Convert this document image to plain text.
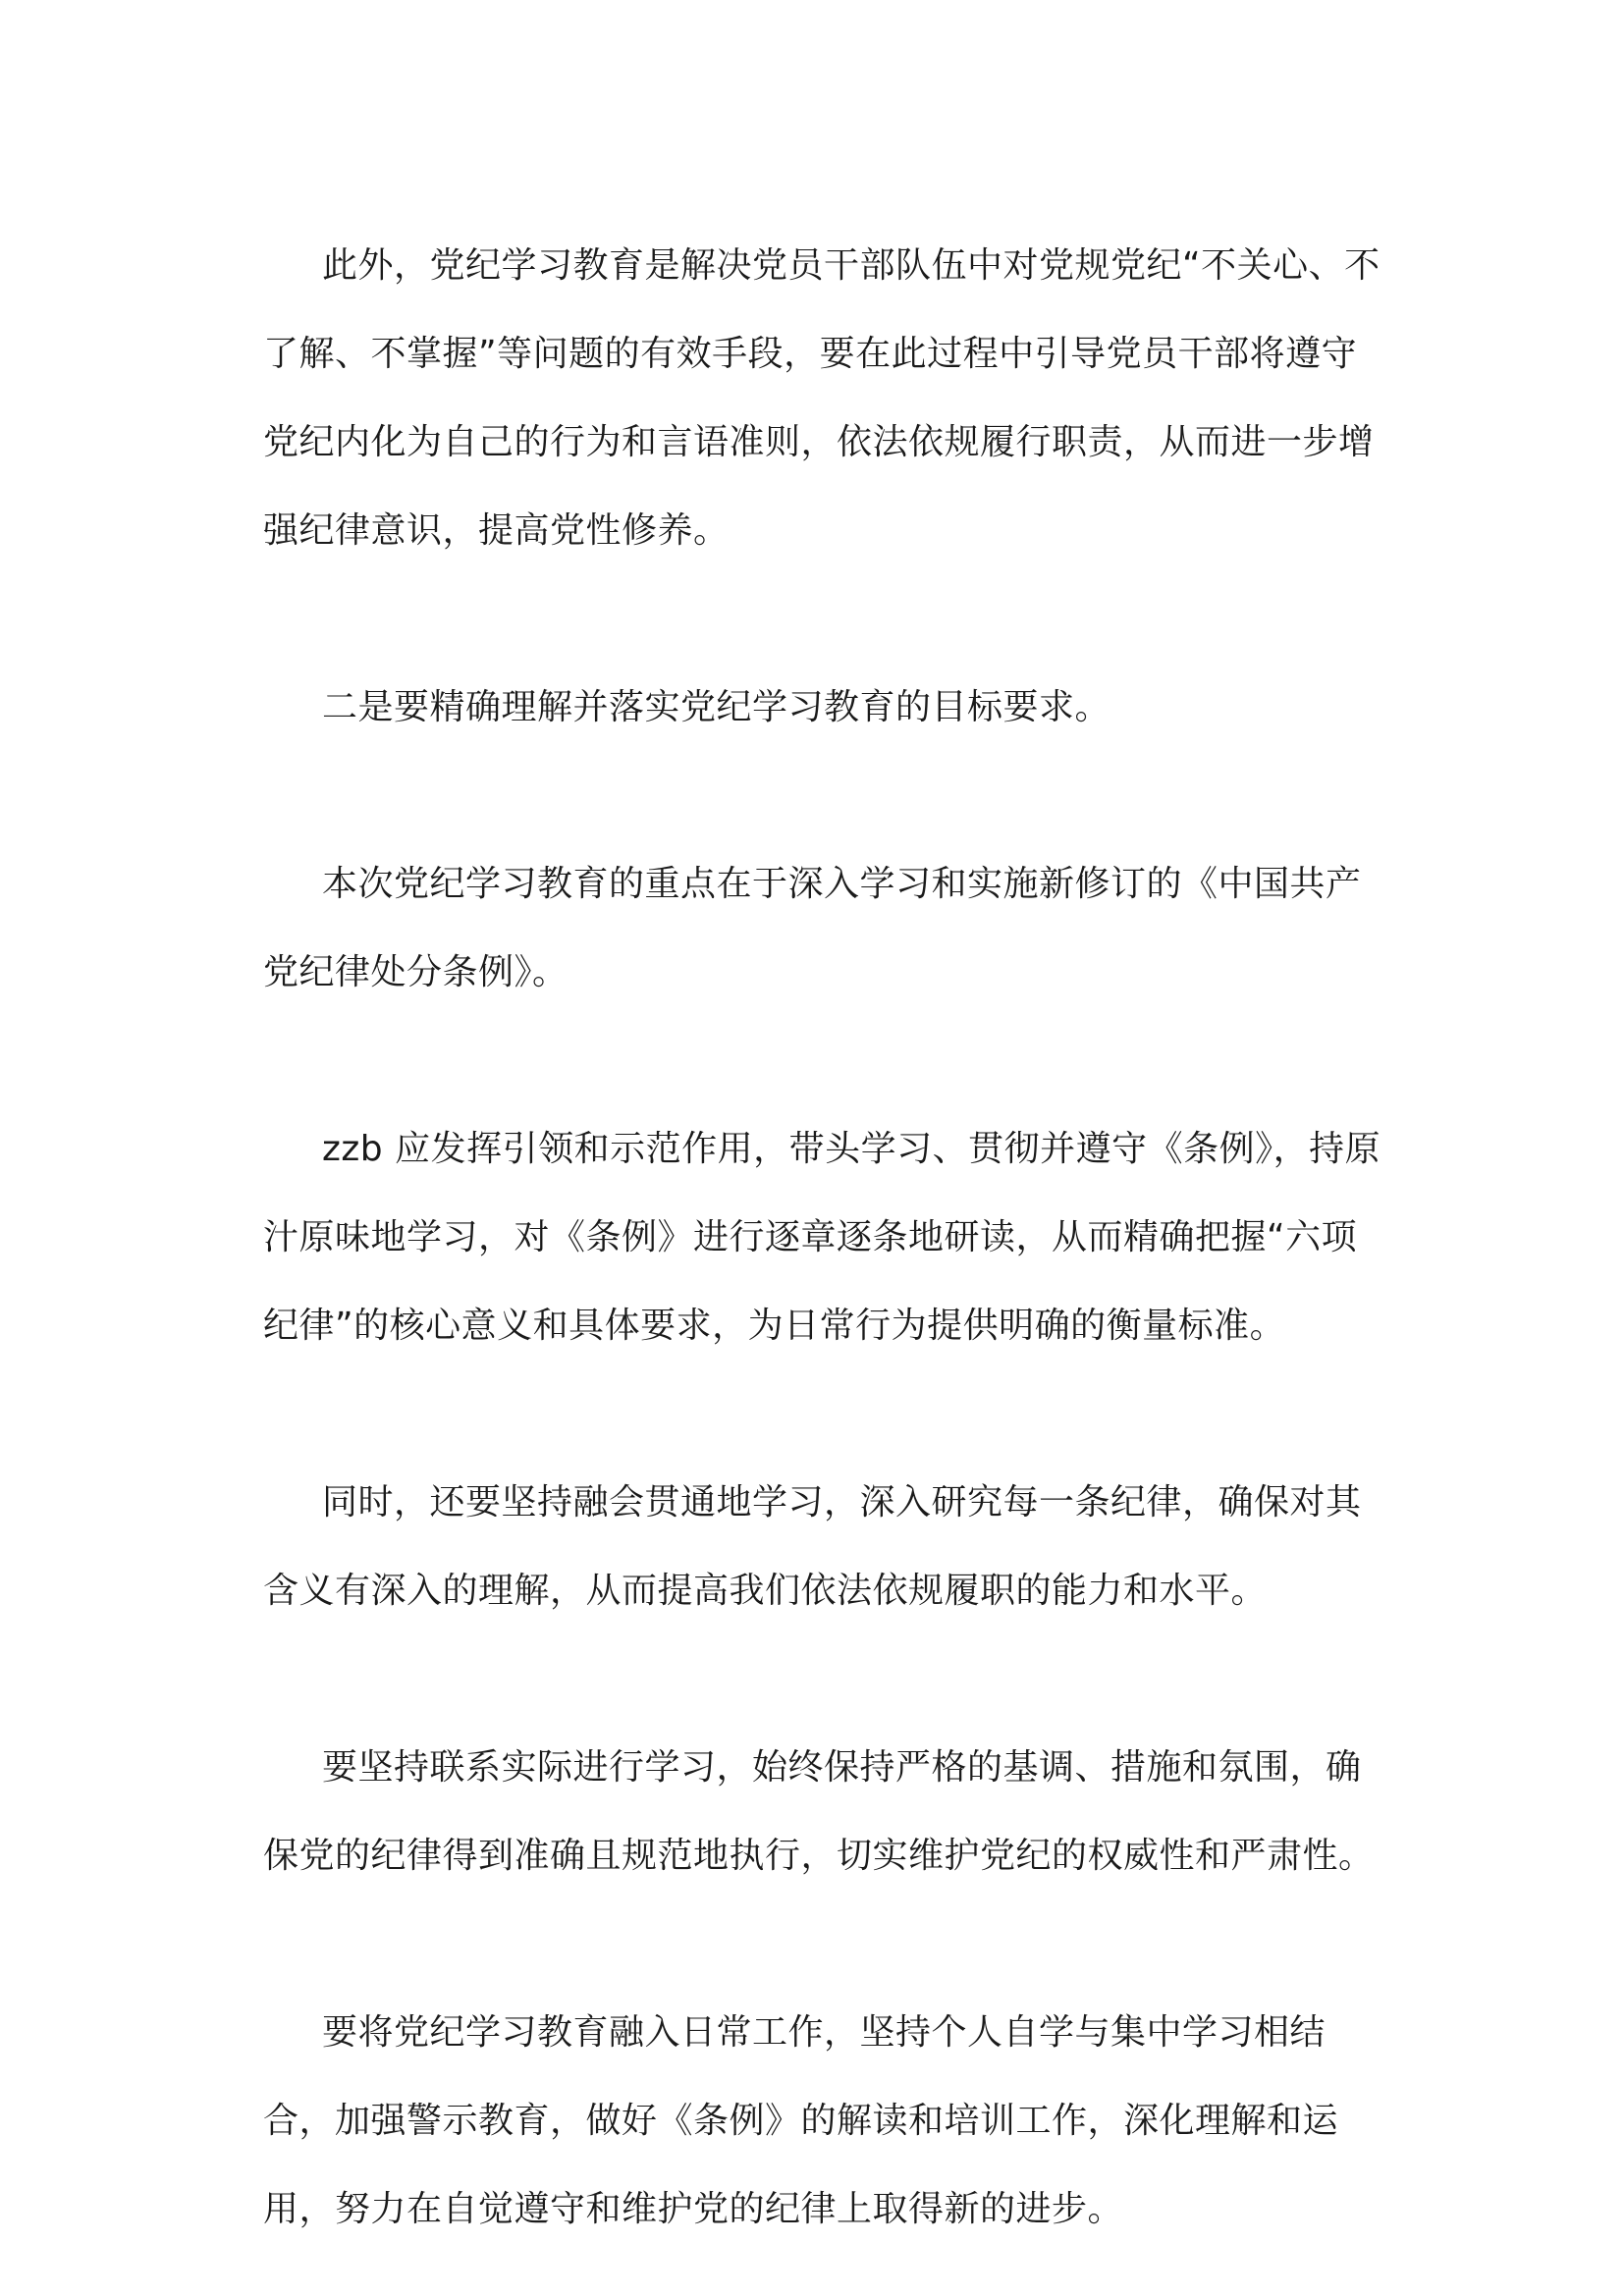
此外，党纪学习教育是解决党员干部队伍中对党规党纪“不关心、不了解、不掌握”等问题的有效手段，要在此过程中引导党员干部将遵守党纪内化为自己的行为和言语准则，依法依规履行职责，从而进一步增强纪律意识，提高党性修养。

二是要精确理解并落实党纪学习教育的目标要求。

本次党纪学习教育的重点在于深入学习和实施新修订的《中国共产党纪律处分条例》。

zzb 应发挥引领和示范作用，带头学习、贯彻并遵守《条例》，持原汁原味地学习，对《条例》进行逐章逐条地研读，从而精确把握“六项纪律”的核心意义和具体要求，为日常行为提供明确的衡量标准。

同时，还要坚持融会贯通地学习，深入研究每一条纪律，确保对其含义有深入的理解，从而提高我们依法依规履职的能力和水平。

要坚持联系实际进行学习，始终保持严格的基调、措施和氛围，确保党的纪律得到准确且规范地执行，切实维护党纪的权威性和严肃性。

要将党纪学习教育融入日常工作，坚持个人自学与集中学习相结合，加强警示教育，做好《条例》的解读和培训工作，深化理解和运用，努力在自觉遵守和维护党的纪律上取得新的进步。
